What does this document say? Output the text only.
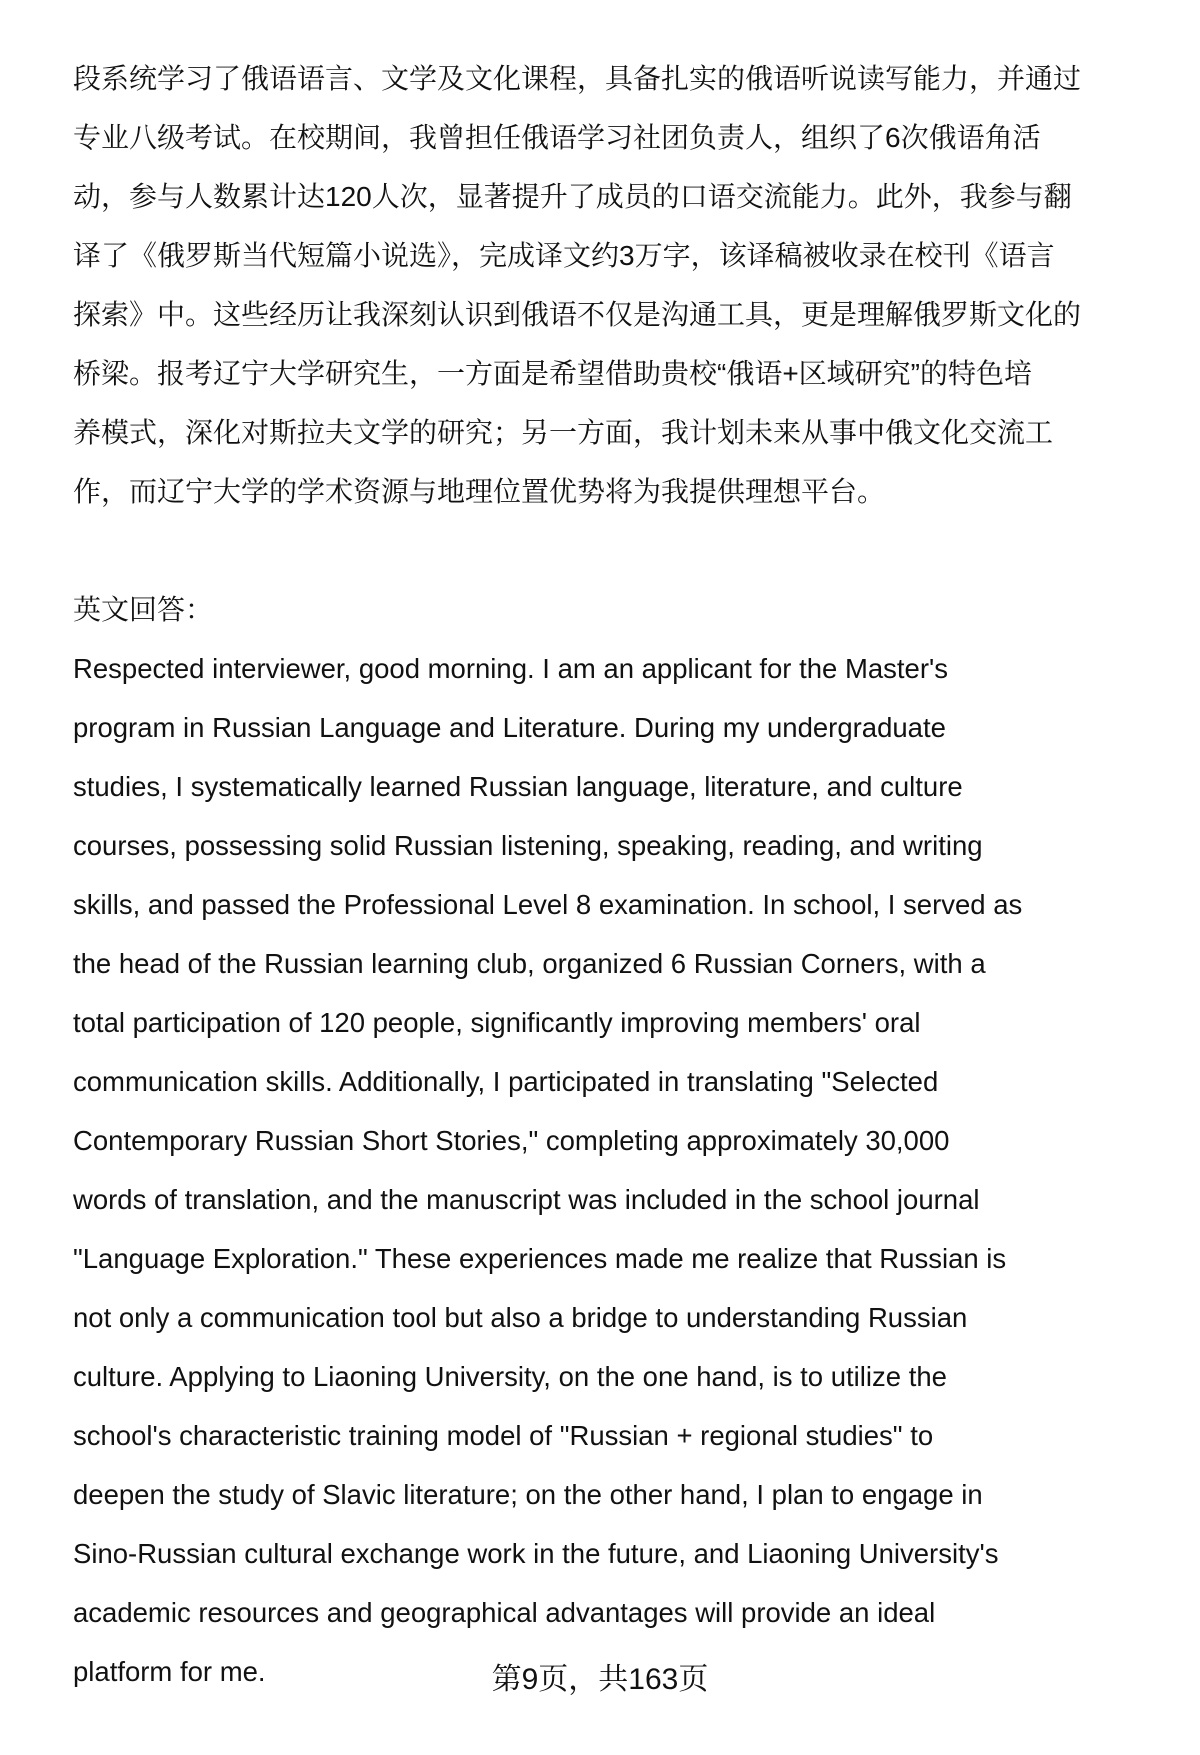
段系统学习了俄语语言、文学及文化课程，具备扎实的俄语听说读写能力，并通过
专业八级考试。在校期间，我曾担任俄语学习社团负责人，组织了6次俄语角活
动，参与人数累计达120人次，显著提升了成员的口语交流能力。此外，我参与翻
译了《俄罗斯当代短篇小说选》，完成译文约3万字，该译稿被收录在校刊《语言
探索》中。这些经历让我深刻认识到俄语不仅是沟通工具，更是理解俄罗斯文化的
桥梁。报考辽宁大学研究生，一方面是希望借助贵校“俄语+区域研究”的特色培
养模式，深化对斯拉夫文学的研究；另一方面，我计划未来从事中俄文化交流工
作，而辽宁大学的学术资源与地理位置优势将为我提供理想平台。
英文回答：
Respected interviewer, good morning. I am an applicant for the Master's
program in Russian Language and Literature. During my undergraduate
studies, I systematically learned Russian language, literature, and culture
courses, possessing solid Russian listening, speaking, reading, and writing
skills, and passed the Professional Level 8 examination. In school, I served as
the head of the Russian learning club, organized 6 Russian Corners, with a
total participation of 120 people, significantly improving members' oral
communication skills. Additionally, I participated in translating "Selected
Contemporary Russian Short Stories," completing approximately 30,000
words of translation, and the manuscript was included in the school journal
"Language Exploration." These experiences made me realize that Russian is
not only a communication tool but also a bridge to understanding Russian
culture. Applying to Liaoning University, on the one hand, is to utilize the
school's characteristic training model of "Russian + regional studies" to
deepen the study of Slavic literature; on the other hand, I plan to engage in
Sino-Russian cultural exchange work in the future, and Liaoning University's
academic resources and geographical advantages will provide an ideal
platform for me.	第9页，共163页
